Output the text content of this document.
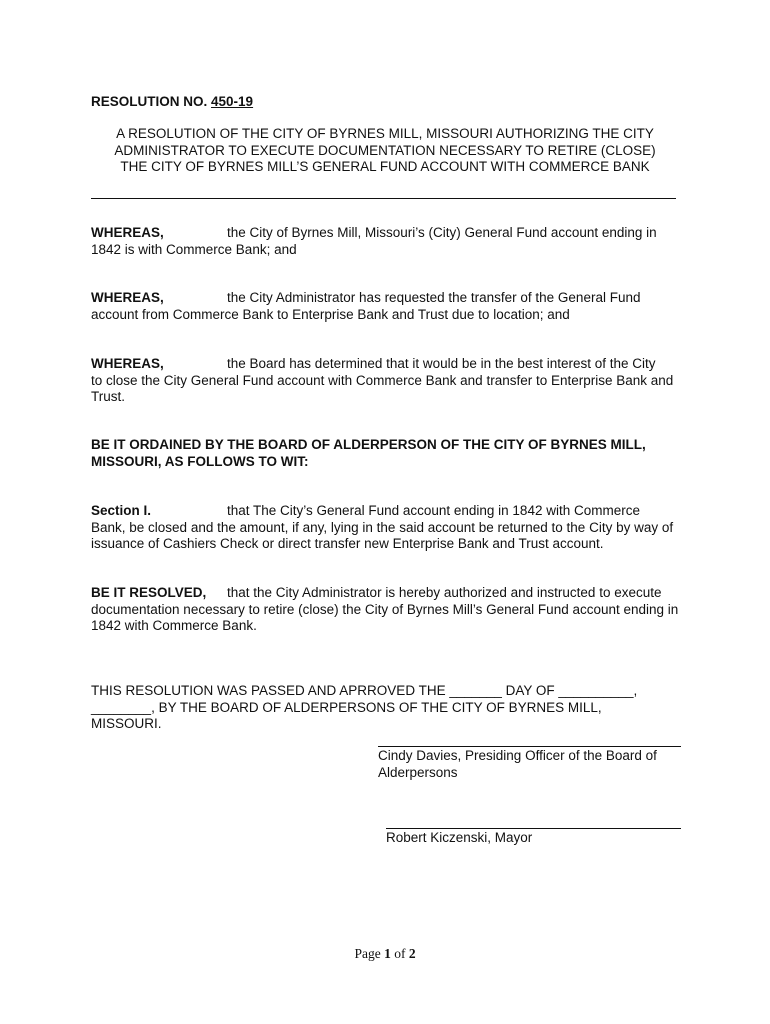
RESOLUTION NO. 450-19
A RESOLUTION OF THE CITY OF BYRNES MILL, MISSOURI AUTHORIZING THE CITY
ADMINISTRATOR TO EXECUTE DOCUMENTATION NECESSARY TO RETIRE (CLOSE)
THE CITY OF BYRNES MILL’S GENERAL FUND ACCOUNT WITH COMMERCE BANK
WHEREAS,	the City of Byrnes Mill, Missouri’s (City) General Fund account ending in
1842 is with Commerce Bank; and
WHEREAS,	the City Administrator has requested the transfer of the General Fund
account from Commerce Bank to Enterprise Bank and Trust due to location; and
WHEREAS,	the Board has determined that it would be in the best interest of the City
to close the City General Fund account with Commerce Bank and transfer to Enterprise Bank and Trust.
BE IT ORDAINED BY THE BOARD OF ALDERPERSON OF THE CITY OF BYRNES MILL,
MISSOURI, AS FOLLOWS TO WIT:
Section I.	that The City’s General Fund account ending in 1842 with Commerce
Bank, be closed and the amount, if any, lying in the said account be returned to the City by way of issuance of Cashiers Check or direct transfer new Enterprise Bank and Trust account.
BE IT RESOLVED, that the City Administrator is hereby authorized and instructed to execute
documentation necessary to retire (close) the City of Byrnes Mill’s General Fund account ending in 1842 with Commerce Bank.
THIS RESOLUTION WAS PASSED AND APRROVED THE _______ DAY OF __________,
________, BY THE BOARD OF ALDERPERSONS OF THE CITY OF BYRNES MILL,
MISSOURI.
Cindy Davies, Presiding Officer of the Board of
Alderpersons
Robert Kiczenski, Mayor
Page 1 of 2
